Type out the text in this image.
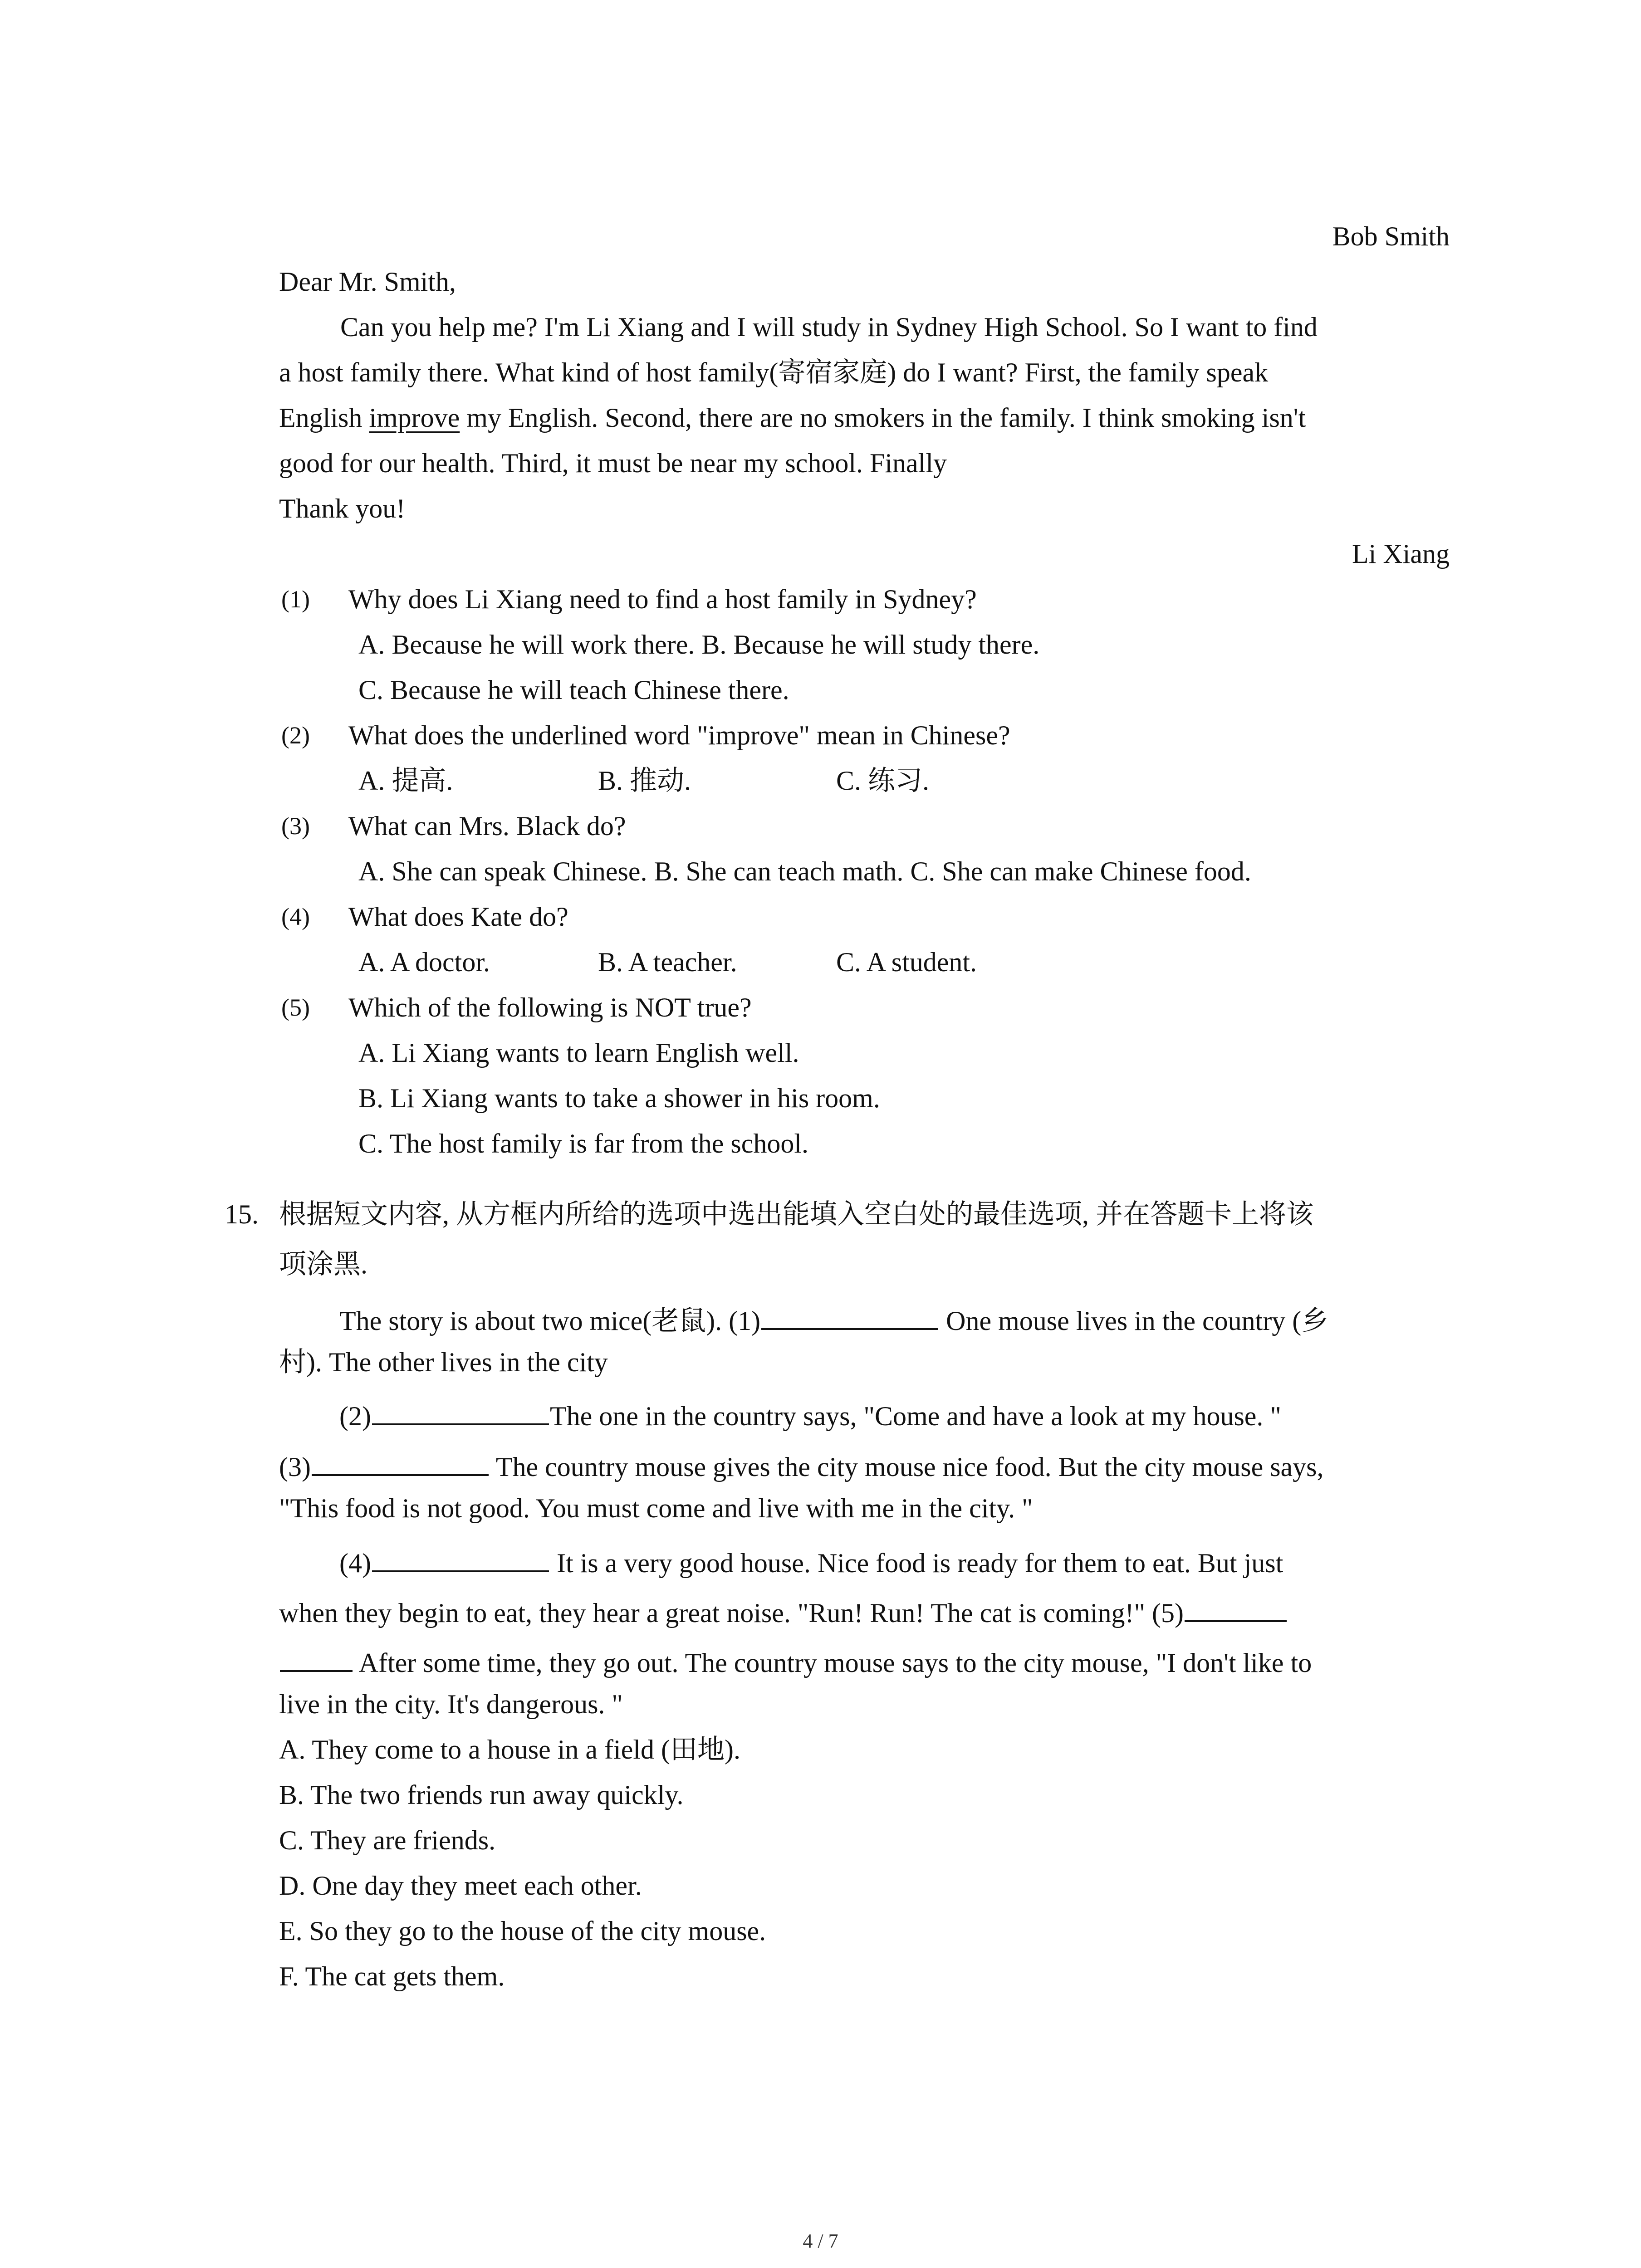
Bob Smith
Dear Mr. Smith,
Can you help me? I'm Li Xiang and I will study in Sydney High School. So I want to find
a host family there. What kind of host family(寄宿家庭) do I want? First, the family speak
English improve my English. Second, there are no smokers in the family. I think smoking isn't
good for our health. Third, it must be near my school. Finally
Thank you!
Li Xiang
(1) Why does Li Xiang need to find a host family in Sydney?
A. Because he will work there. B. Because he will study there.
C. Because he will teach Chinese there.
(2) What does the underlined word "improve" mean in Chinese?
A. 提高.	B. 推动.	C. 练习.
(3) What can Mrs. Black do?
A. She can speak Chinese. B. She can teach math. C. She can make Chinese food.
(4) What does Kate do?
A. A doctor.	B. A teacher.	C. A student.
(5) Which of the following is NOT true?
A. Li Xiang wants to learn English well.
B. Li Xiang wants to take a shower in his room.
C. The host family is far from the school.
15. 根据短文内容, 从方框内所给的选项中选出能填入空白处的最佳选项, 并在答题卡上将该
项涂黑.
The story is about two mice(老鼠). (1)	One mouse lives in the country (乡
村). The other lives in the city
(2)	The one in the country says, "Come and have a look at my house. "
(3)	The country mouse gives the city mouse nice food. But the city mouse says,
"This food is not good. You must come and live with me in the city. "
(4)	It is a very good house. Nice food is ready for them to eat. But just
when they begin to eat, they hear a great noise. "Run! Run! The cat is coming!" (5)
After some time, they go out. The country mouse says to the city mouse, "I don't like to
live in the city. It's dangerous. "
A. They come to a house in a field (田地).
B. The two friends run away quickly.
C. They are friends.
D. One day they meet each other.
E. So they go to the house of the city mouse.
F. The cat gets them.
4 / 7
